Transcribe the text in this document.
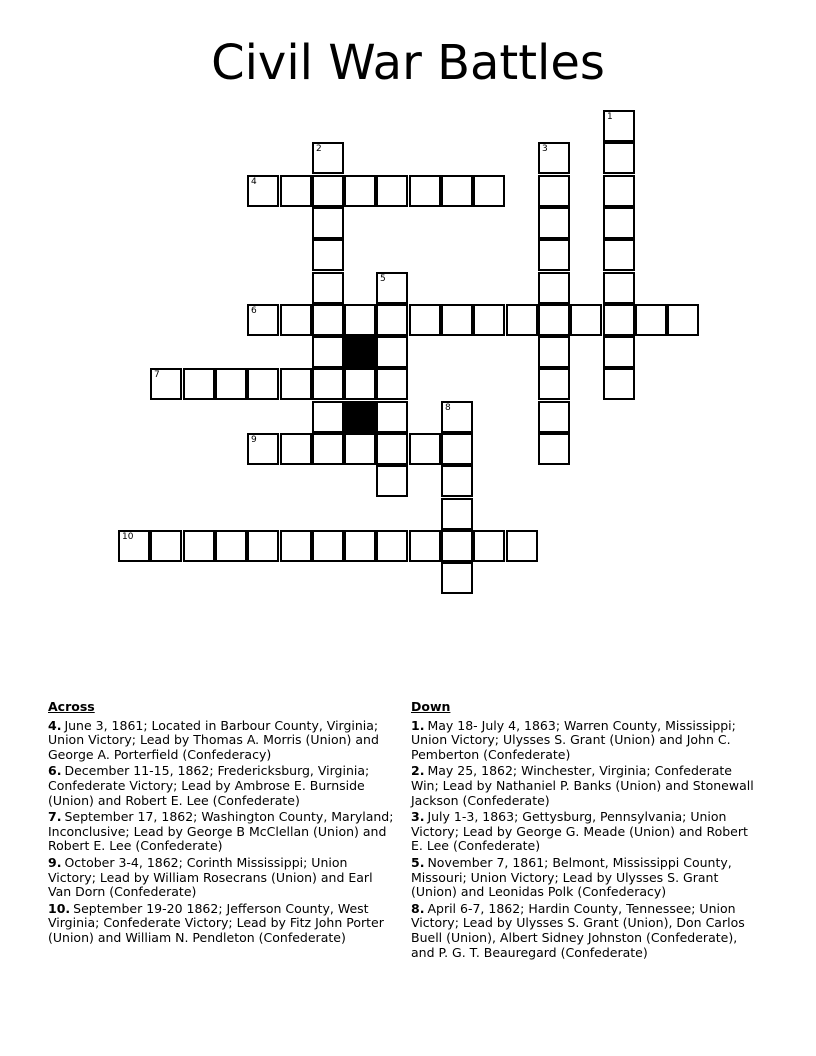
Civil War Battles
1
2	3
4
5
6
7
8
9
10
Across
4. June 3, 1861; Located in Barbour County, Virginia; Union Victory; Lead by Thomas A. Morris (Union) and George A. Porterfield (Confederacy)
6. December 11-15, 1862; Fredericksburg, Virginia; Confederate Victory; Lead by Ambrose E. Burnside (Union) and Robert E. Lee (Confederate)
7. September 17, 1862; Washington County, Maryland; Inconclusive; Lead by George B McClellan (Union) and Robert E. Lee (Confederate)
9. October 3-4, 1862; Corinth Mississippi; Union Victory; Lead by William Rosecrans (Union) and Earl Van Dorn (Confederate)
10. September 19-20 1862; Jefferson County, West Virginia; Confederate Victory; Lead by Fitz John Porter (Union) and William N. Pendleton (Confederate)
Down
1. May 18- July 4, 1863; Warren County, Mississippi; Union Victory; Ulysses S. Grant (Union) and John C. Pemberton (Confederate)
2. May 25, 1862; Winchester, Virginia; Confederate Win; Lead by Nathaniel P. Banks (Union) and Stonewall Jackson (Confederate)
3. July 1-3, 1863; Gettysburg, Pennsylvania; Union Victory; Lead by George G. Meade (Union) and Robert E. Lee (Confederate)
5. November 7, 1861; Belmont, Mississippi County, Missouri; Union Victory; Lead by Ulysses S. Grant (Union) and Leonidas Polk (Confederacy)
8. April 6-7, 1862; Hardin County, Tennessee; Union Victory; Lead by Ulysses S. Grant (Union), Don Carlos Buell (Union), Albert Sidney Johnston (Confederate), and P. G. T. Beauregard (Confederate)
